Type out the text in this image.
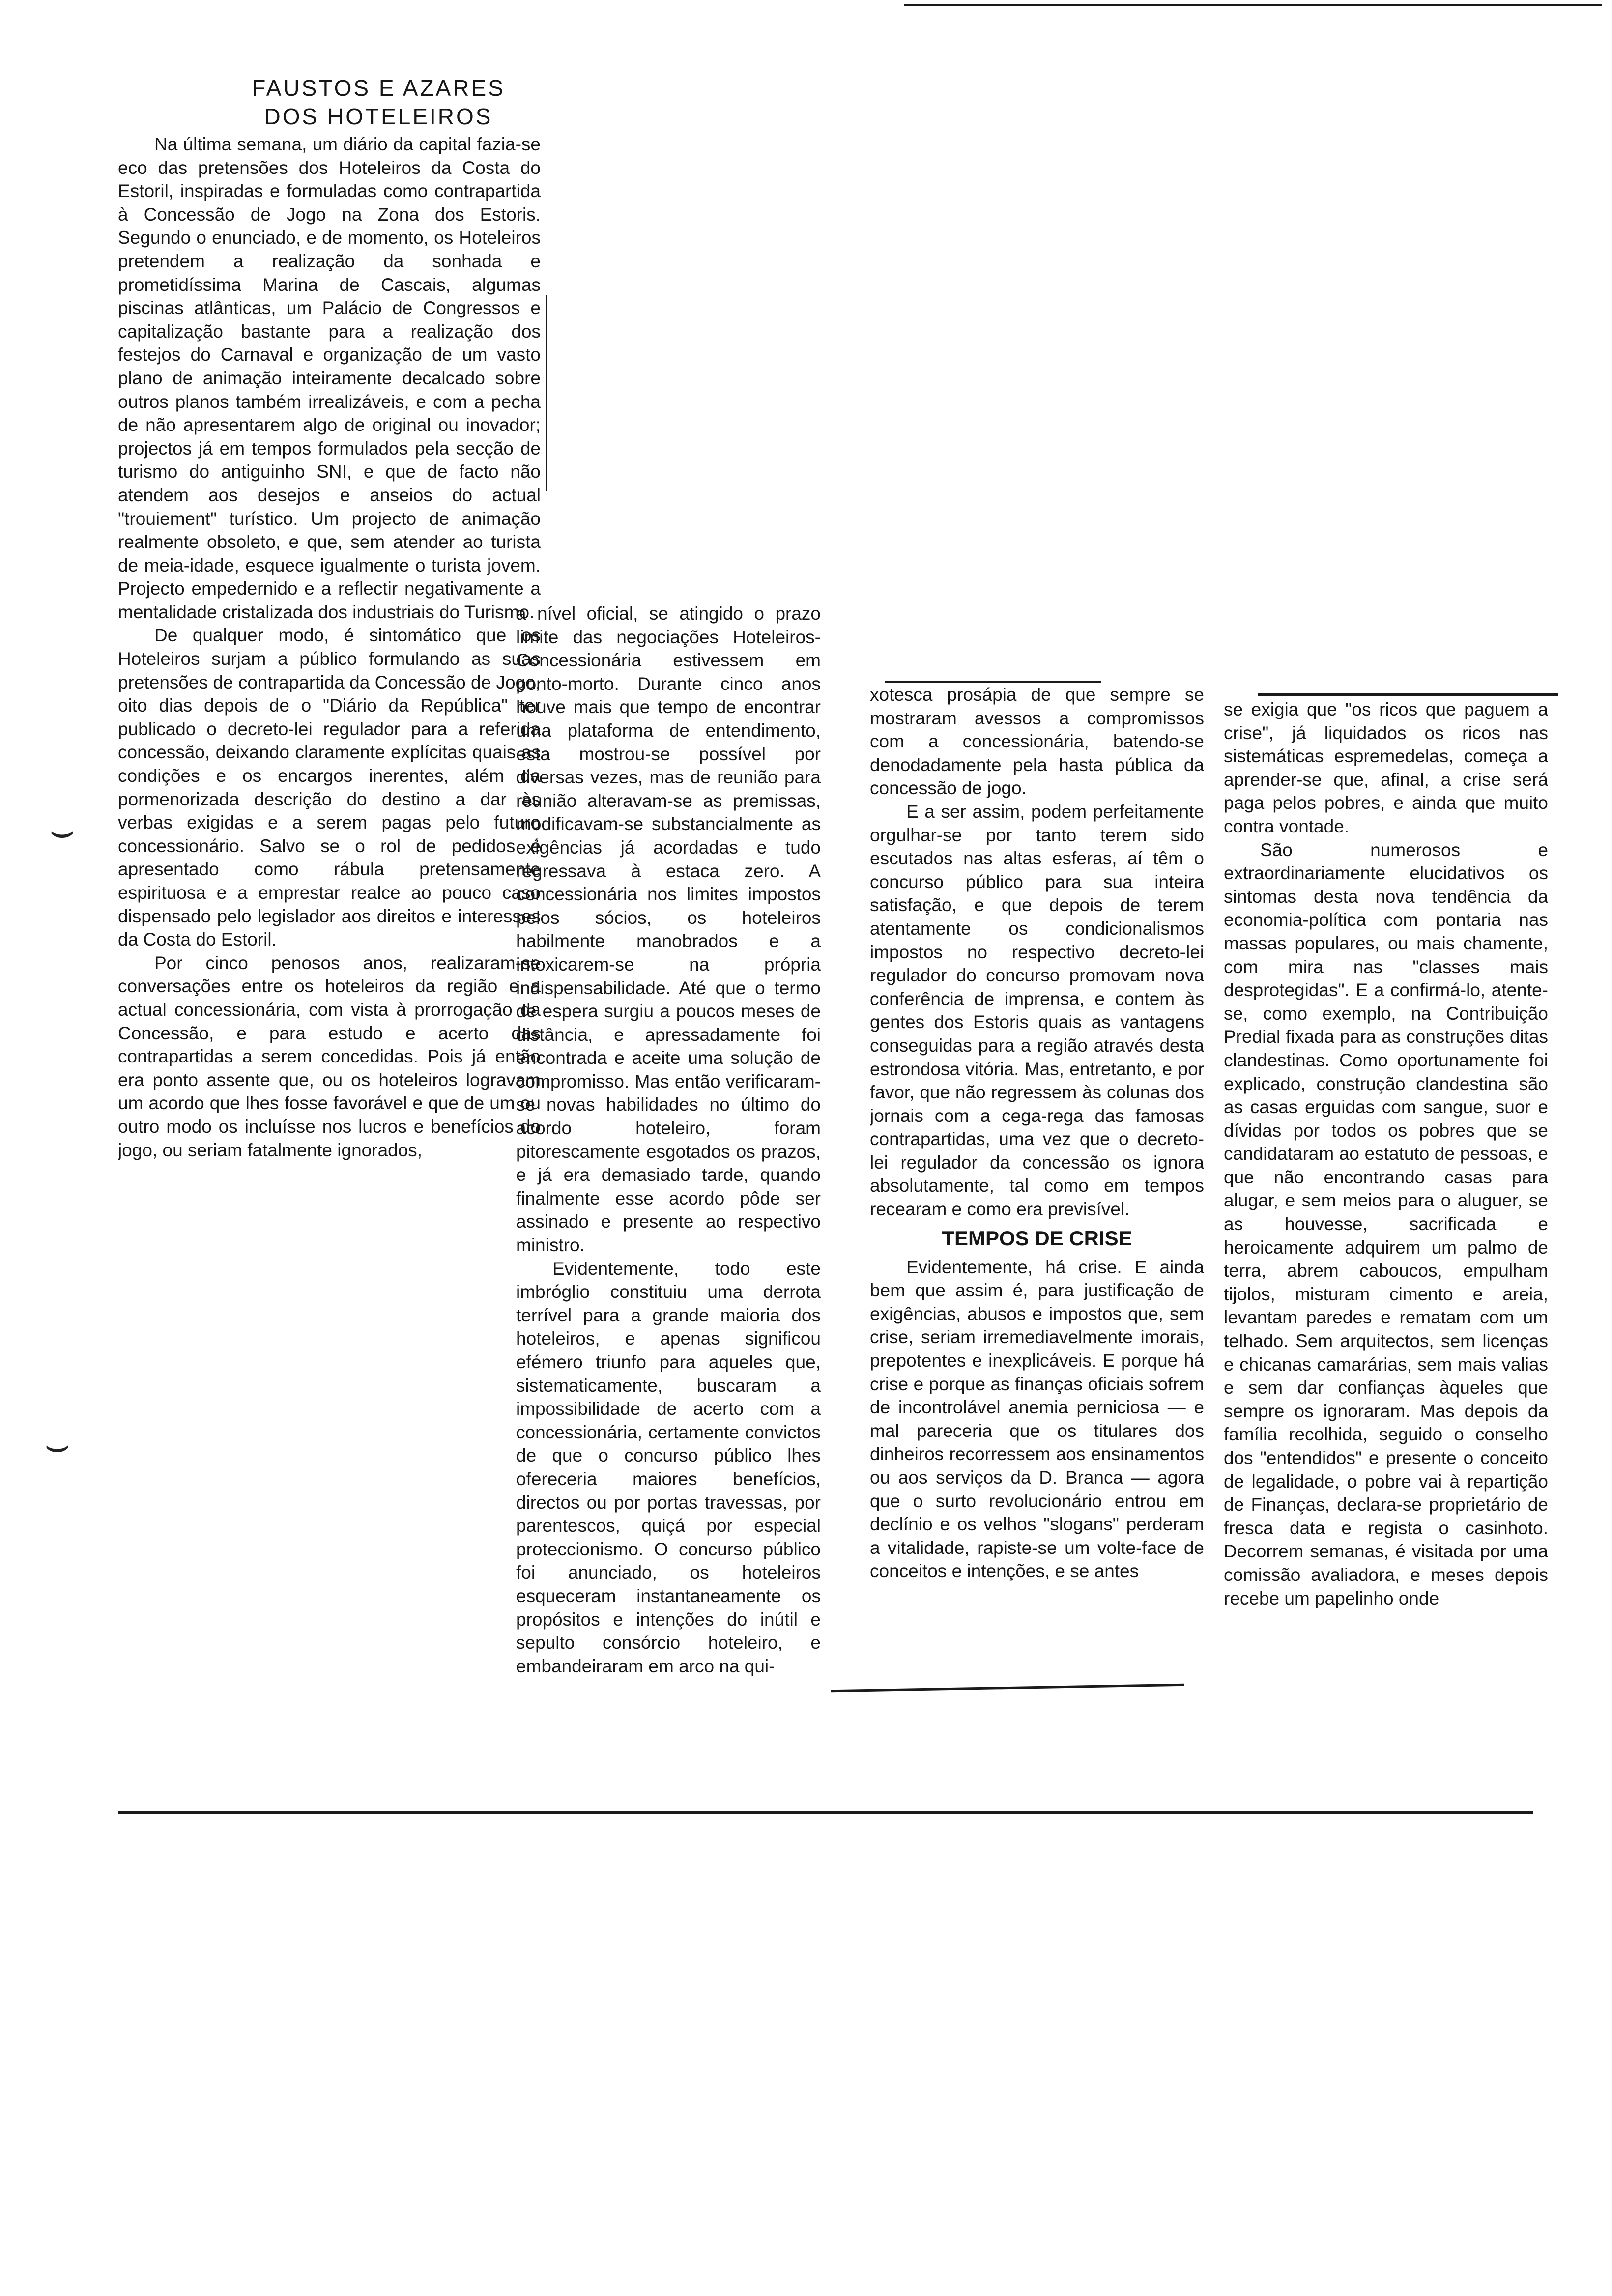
⌣
⌣
FAUSTOS E AZARES
DOS HOTELEIROS

Na última semana, um diário da capital fazia-se eco das pretensões dos Hoteleiros da Costa do Estoril, inspiradas e formuladas como contrapartida à Concessão de Jogo na Zona dos Estoris. Segundo o enunciado, e de momento, os Hoteleiros pretendem a realização da sonhada e prometidíssima Marina de Cascais, algumas piscinas atlânticas, um Palácio de Congressos e capitalização bastante para a realização dos festejos do Carnaval e organização de um vasto plano de animação inteiramente decalcado sobre outros planos também irrealizáveis, e com a pecha de não apresentarem algo de original ou inovador; projectos já em tempos formulados pela secção de turismo do antiguinho SNI, e que de facto não atendem aos desejos e anseios do actual "trouiement" turístico. Um projecto de animação realmente obsoleto, e que, sem atender ao turista de meia-idade, esquece igualmente o turista jovem. Projecto empedernido e a reflectir negativamente a mentalidade cristalizada dos industriais do Turismo.

De qualquer modo, é sintomático que os Hoteleiros surjam a público formulando as suas pretensões de contrapartida da Concessão de Jogo, oito dias depois de o "Diário da República" ter publicado o decreto-lei regulador para a referida concessão, deixando claramente explícitas quais as condições e os encargos inerentes, além da pormenorizada descrição do destino a dar às verbas exigidas e a serem pagas pelo futuro concessionário. Salvo se o rol de pedidos é apresentado como rábula pretensamente espirituosa e a emprestar realce ao pouco caso dispensado pelo legislador aos direitos e interesses da Costa do Estoril.

Por cinco penosos anos, realizaram-se conversações entre os hoteleiros da região e a actual concessionária, com vista à prorrogação da Concessão, e para estudo e acerto das contrapartidas a serem concedidas. Pois já então era ponto assente que, ou os hoteleiros logravam um acordo que lhes fosse favorável e que de um ou outro modo os incluísse nos lucros e benefícios do jogo, ou seriam fatalmente ignorados,

a nível oficial, se atingido o prazo limite das negociações Hoteleiros-Concessionária estivessem em ponto-morto. Durante cinco anos houve mais que tempo de encontrar uma plataforma de entendimento, esta mostrou-se possível por diversas vezes, mas de reunião para reunião alteravam-se as premissas, modificavam-se substancialmente as exigências já acordadas e tudo regressava à estaca zero. A concessionária nos limites impostos pelos sócios, os hoteleiros habilmente manobrados e a intoxicarem-se na própria indispensabilidade. Até que o termo de espera surgiu a poucos meses de distância, e apressadamente foi encontrada e aceite uma solução de compromisso. Mas então verificaram-se novas habilidades no último do acordo hoteleiro, foram pitorescamente esgotados os prazos, e já era demasiado tarde, quando finalmente esse acordo pôde ser assinado e presente ao respectivo ministro.

Evidentemente, todo este imbróglio constituiu uma derrota terrível para a grande maioria dos hoteleiros, e apenas significou efémero triunfo para aqueles que, sistematicamente, buscaram a impossibilidade de acerto com a concessionária, certamente convictos de que o concurso público lhes ofereceria maiores benefícios, directos ou por portas travessas, por parentescos, quiçá por especial proteccionismo. O concurso público foi anunciado, os hoteleiros esqueceram instantaneamente os propósitos e intenções do inútil e sepulto consórcio hoteleiro, e embandeiraram em arco na qui-

xotesca prosápia de que sempre se mostraram avessos a compromissos com a concessionária, batendo-se denodadamente pela hasta pública da concessão de jogo.

E a ser assim, podem perfeitamente orgulhar-se por tanto terem sido escutados nas altas esferas, aí têm o concurso público para sua inteira satisfação, e que depois de terem atentamente os condicionalismos impostos no respectivo decreto-lei regulador do concurso promovam nova conferência de imprensa, e contem às gentes dos Estoris quais as vantagens conseguidas para a região através desta estrondosa vitória. Mas, entretanto, e por favor, que não regressem às colunas dos jornais com a cega-rega das famosas contrapartidas, uma vez que o decreto-lei regulador da concessão os ignora absolutamente, tal como em tempos recearam e como era previsível.

TEMPOS DE CRISE

Evidentemente, há crise. E ainda bem que assim é, para justificação de exigências, abusos e impostos que, sem crise, seriam irremediavelmente imorais, prepotentes e inexplicáveis. E porque há crise e porque as finanças oficiais sofrem de incontrolável anemia perniciosa — e mal pareceria que os titulares dos dinheiros recorressem aos ensinamentos ou aos serviços da D. Branca — agora que o surto revolucionário entrou em declínio e os velhos "slogans" perderam a vitalidade, rapiste-se um volte-face de conceitos e intenções, e se antes

se exigia que "os ricos que paguem a crise", já liquidados os ricos nas sistemáticas espremedelas, começa a aprender-se que, afinal, a crise será paga pelos pobres, e ainda que muito contra vontade.

São numerosos e extraordinariamente elucidativos os sintomas desta nova tendência da economia-política com pontaria nas massas populares, ou mais chamente, com mira nas "classes mais desprotegidas". E a confirmá-lo, atente-se, como exemplo, na Contribuição Predial fixada para as construções ditas clandestinas. Como oportunamente foi explicado, construção clandestina são as casas erguidas com sangue, suor e dívidas por todos os pobres que se candidataram ao estatuto de pessoas, e que não encontrando casas para alugar, e sem meios para o aluguer, se as houvesse, sacrificada e heroicamente adquirem um palmo de terra, abrem caboucos, empulham tijolos, misturam cimento e areia, levantam paredes e rematam com um telhado. Sem arquitectos, sem licenças e chicanas camarárias, sem mais valias e sem dar confianças àqueles que sempre os ignoraram. Mas depois da família recolhida, seguido o conselho dos "entendidos" e presente o conceito de legalidade, o pobre vai à repartição de Finanças, declara-se proprietário de fresca data e regista o casinhoto. Decorrem semanas, é visitada por uma comissão avaliadora, e meses depois recebe um papelinho onde
